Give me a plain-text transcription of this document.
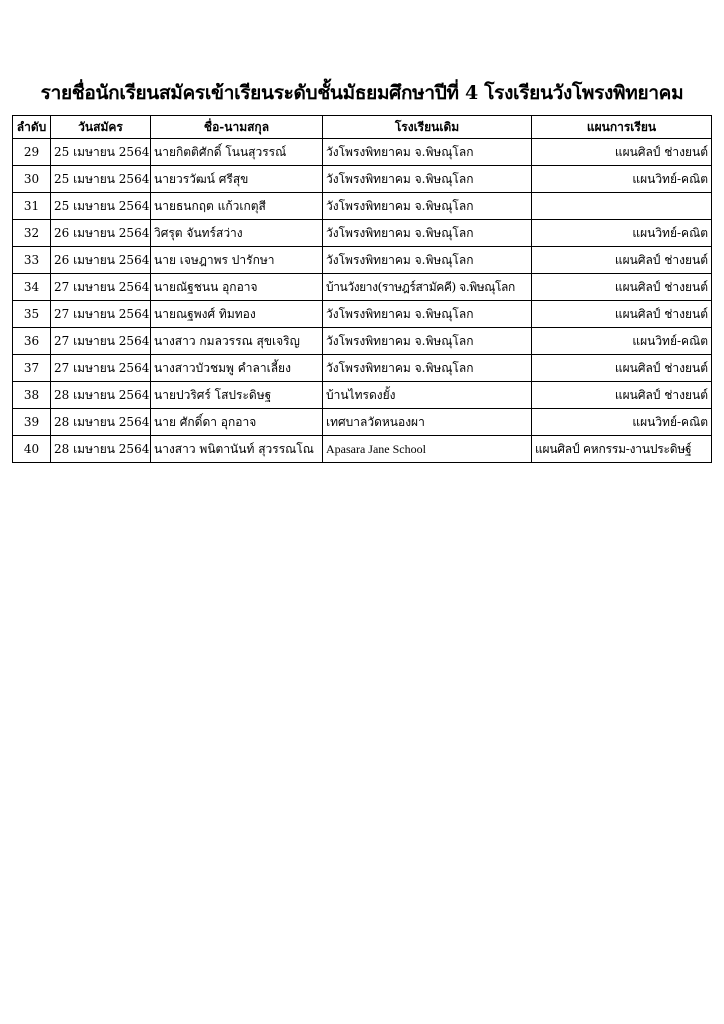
รายชื่อนักเรียนสมัครเข้าเรียนระดับชั้นมัธยมศึกษาปีที่ 4 โรงเรียนวังโพรงพิทยาคม
ลำดับ	วันสมัคร	ชื่อ-นามสกุล	โรงเรียนเดิม	แผนการเรียน
29	25 เมษายน 2564	นายกิตติศักดิ์ โนนสุวรรณ์	วังโพรงพิทยาคม จ.พิษณุโลก	แผนศิลป์ ช่างยนต์
30	25 เมษายน 2564	นายวรวัฒน์ ศรีสุข	วังโพรงพิทยาคม จ.พิษณุโลก	แผนวิทย์-คณิต
31	25 เมษายน 2564	นายธนกฤต แก้วเกตุสี	วังโพรงพิทยาคม จ.พิษณุโลก	
32	26 เมษายน 2564	วิศรุต จันทร์สว่าง	วังโพรงพิทยาคม จ.พิษณุโลก	แผนวิทย์-คณิต
33	26 เมษายน 2564	นาย เจษฎาพร ปารักษา	วังโพรงพิทยาคม จ.พิษณุโลก	แผนศิลป์ ช่างยนต์
34	27 เมษายน 2564	นายณัฐชนน อุกอาจ	บ้านวังยาง(ราษฎร์สามัคคี) จ.พิษณุโลก	แผนศิลป์ ช่างยนต์
35	27 เมษายน 2564	นายณฐพงศ์ ทิมทอง	วังโพรงพิทยาคม จ.พิษณุโลก	แผนศิลป์ ช่างยนต์
36	27 เมษายน 2564	นางสาว กมลวรรณ สุขเจริญ	วังโพรงพิทยาคม จ.พิษณุโลก	แผนวิทย์-คณิต
37	27 เมษายน 2564	นางสาวบัวชมพู คำลาเลี้ยง	วังโพรงพิทยาคม จ.พิษณุโลก	แผนศิลป์ ช่างยนต์
38	28 เมษายน 2564	นายปวริศร์ โสประดิษฐ	บ้านไทรดงยั้ง	แผนศิลป์ ช่างยนต์
39	28 เมษายน 2564	นาย ศักดิ์ดา อุกอาจ	เทศบาลวัดหนองผา	แผนวิทย์-คณิต
40	28 เมษายน 2564	นางสาว พนิตานันท์ สุวรรณโณ	Apasara Jane School	แผนศิลป์ คหกรรม-งานประดิษฐ์
